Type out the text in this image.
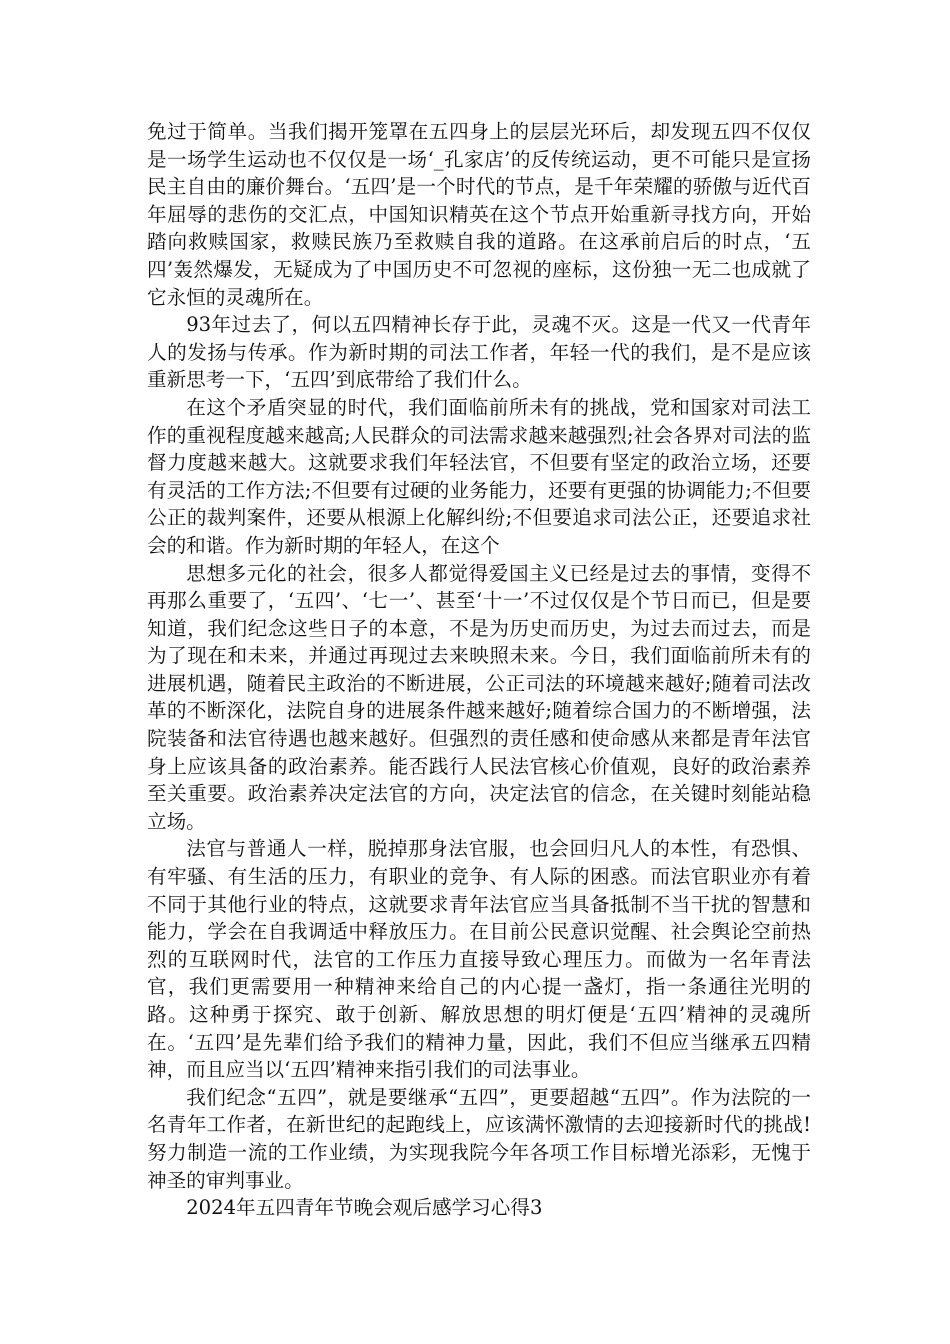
免过于简单。当我们揭开笼罩在五四身上的层层光环后，却发现五四不仅仅是一场学生运动也不仅仅是一场‘_孔家店’的反传统运动，更不可能只是宣扬民主自由的廉价舞台。‘五四’是一个时代的节点，是千年荣耀的骄傲与近代百年屈辱的悲伤的交汇点，中国知识精英在这个节点开始重新寻找方向，开始踏向救赎国家，救赎民族乃至救赎自我的道路。在这承前启后的时点，‘五四’轰然爆发，无疑成为了中国历史不可忽视的座标，这份独一无二也成就了它永恒的灵魂所在。

93年过去了，何以五四精神长存于此，灵魂不灭。这是一代又一代青年人的发扬与传承。作为新时期的司法工作者，年轻一代的我们，是不是应该重新思考一下，‘五四’到底带给了我们什么。

在这个矛盾突显的时代，我们面临前所未有的挑战，党和国家对司法工作的重视程度越来越高;人民群众的司法需求越来越强烈;社会各界对司法的监督力度越来越大。这就要求我们年轻法官，不但要有坚定的政治立场，还要有灵活的工作方法;不但要有过硬的业务能力，还要有更强的协调能力;不但要公正的裁判案件，还要从根源上化解纠纷;不但要追求司法公正，还要追求社会的和谐。作为新时期的年轻人，在这个

思想多元化的社会，很多人都觉得爱国主义已经是过去的事情，变得不再那么重要了，‘五四’、‘七一’、甚至‘十一’不过仅仅是个节日而已，但是要知道，我们纪念这些日子的本意，不是为历史而历史，为过去而过去，而是为了现在和未来，并通过再现过去来映照未来。今日，我们面临前所未有的进展机遇，随着民主政治的不断进展，公正司法的环境越来越好;随着司法改革的不断深化，法院自身的进展条件越来越好;随着综合国力的不断增强，法院装备和法官待遇也越来越好。但强烈的责任感和使命感从来都是青年法官身上应该具备的政治素养。能否践行人民法官核心价值观，良好的政治素养至关重要。政治素养决定法官的方向，决定法官的信念，在关键时刻能站稳立场。

法官与普通人一样，脱掉那身法官服，也会回归凡人的本性，有恐惧、有牢骚、有生活的压力，有职业的竞争、有人际的困惑。而法官职业亦有着不同于其他行业的特点，这就要求青年法官应当具备抵制不当干扰的智慧和能力，学会在自我调适中释放压力。在目前公民意识觉醒、社会舆论空前热烈的互联网时代，法官的工作压力直接导致心理压力。而做为一名年青法官，我们更需要用一种精神来给自己的内心提一盏灯，指一条通往光明的路。这种勇于探究、敢于创新、解放思想的明灯便是‘五四’精神的灵魂所在。‘五四’是先辈们给予我们的精神力量，因此，我们不但应当继承五四精神，而且应当以‘五四’精神来指引我们的司法事业。

我们纪念“五四”，就是要继承“五四”，更要超越“五四”。作为法院的一名青年工作者，在新世纪的起跑线上，应该满怀激情的去迎接新时代的挑战!努力制造一流的工作业绩，为实现我院今年各项工作目标增光添彩，无愧于神圣的审判事业。

2024年五四青年节晚会观后感学习心得3
